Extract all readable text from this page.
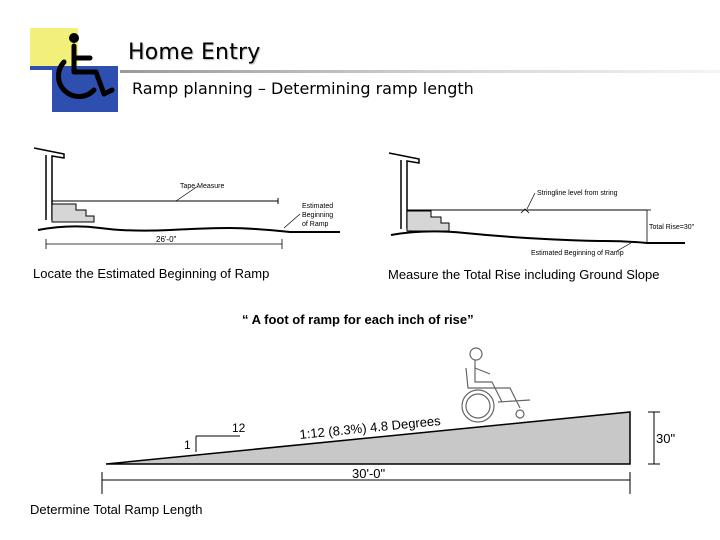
Home Entry
Ramp planning – Determining ramp length
Tape Measure
Estimated
Beginning
of Ramp
26'-0"
Locate the Estimated Beginning of Ramp
Stringline level from string
Total Rise=30"
Estimated Beginning of Ramp
Measure the Total Rise including Ground Slope
“ A foot of ramp for each inch of rise”
12
1
1:12 (8.3%) 4.8 Degrees	30"
30'-0"
Determine Total Ramp Length
